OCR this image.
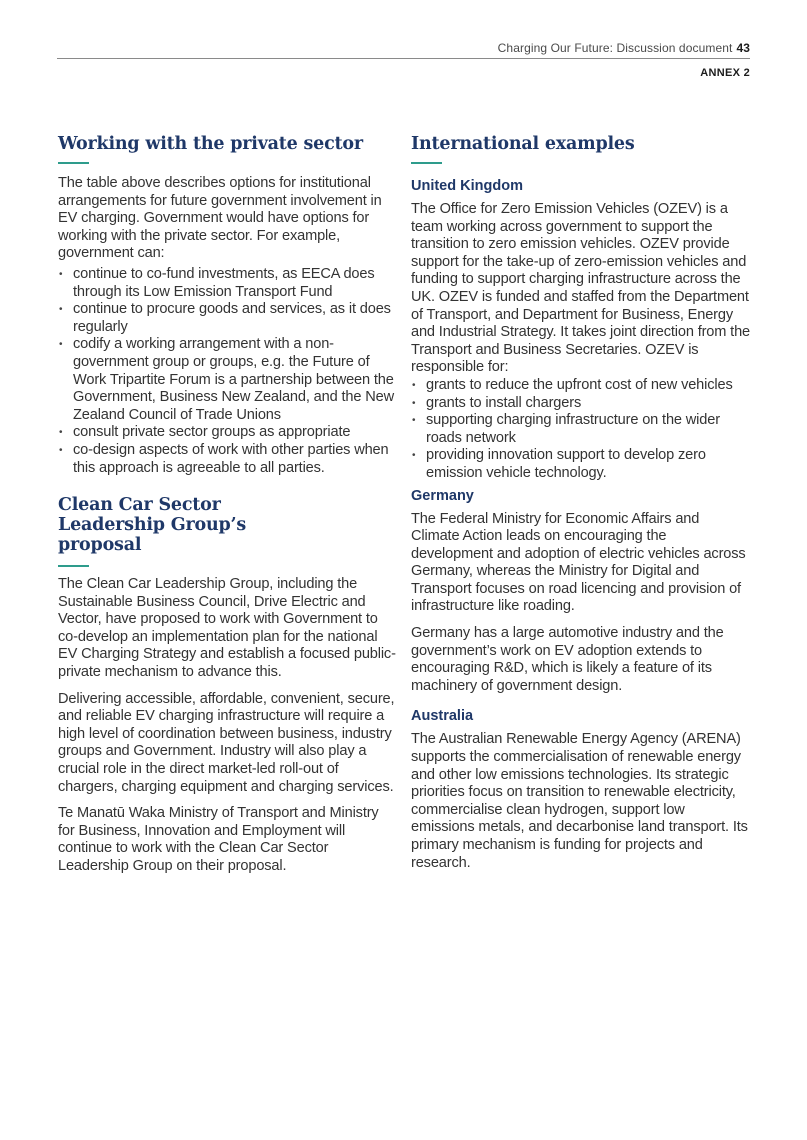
Charging Our Future: Discussion document 43
ANNEX 2
Working with the private sector

The table above describes options for institutional arrangements for future government involvement in EV charging. Government would have options for working with the private sector. For example, government can:

• continue to co-fund investments, as EECA does through its Low Emission Transport Fund
• continue to procure goods and services, as it does regularly
• codify a working arrangement with a non-government group or groups, e.g. the Future of Work Tripartite Forum is a partnership between the Government, Business New Zealand, and the New Zealand Council of Trade Unions
• consult private sector groups as appropriate
• co-design aspects of work with other parties when this approach is agreeable to all parties.
Clean Car Sector Leadership Group’s proposal

The Clean Car Leadership Group, including the Sustainable Business Council, Drive Electric and Vector, have proposed to work with Government to co-develop an implementation plan for the national EV Charging Strategy and establish a focused public-private mechanism to advance this.

Delivering accessible, affordable, convenient, secure, and reliable EV charging infrastructure will require a high level of coordination between business, industry groups and Government. Industry will also play a crucial role in the direct market-led roll-out of chargers, charging equipment and charging services.

Te Manatū Waka Ministry of Transport and Ministry for Business, Innovation and Employment will continue to work with the Clean Car Sector Leadership Group on their proposal.

International examples
United Kingdom

The Office for Zero Emission Vehicles (OZEV) is a team working across government to support the transition to zero emission vehicles. OZEV provide support for the take-up of zero-emission vehicles and funding to support charging infrastructure across the UK. OZEV is funded and staffed from the Department of Transport, and Department for Business, Energy and Industrial Strategy. It takes joint direction from the Transport and Business Secretaries. OZEV is responsible for:

• grants to reduce the upfront cost of new vehicles
• grants to install chargers
• supporting charging infrastructure on the wider roads network
• providing innovation support to develop zero emission vehicle technology.
Germany

The Federal Ministry for Economic Affairs and Climate Action leads on encouraging the development and adoption of electric vehicles across Germany, whereas the Ministry for Digital and Transport focuses on road licencing and provision of infrastructure like roading.

Germany has a large automotive industry and the government’s work on EV adoption extends to encouraging R&D, which is likely a feature of its machinery of government design.

Australia

The Australian Renewable Energy Agency (ARENA) supports the commercialisation of renewable energy and other low emissions technologies. Its strategic priorities focus on transition to renewable electricity, commercialise clean hydrogen, support low emissions metals, and decarbonise land transport. Its primary mechanism is funding for projects and research.
